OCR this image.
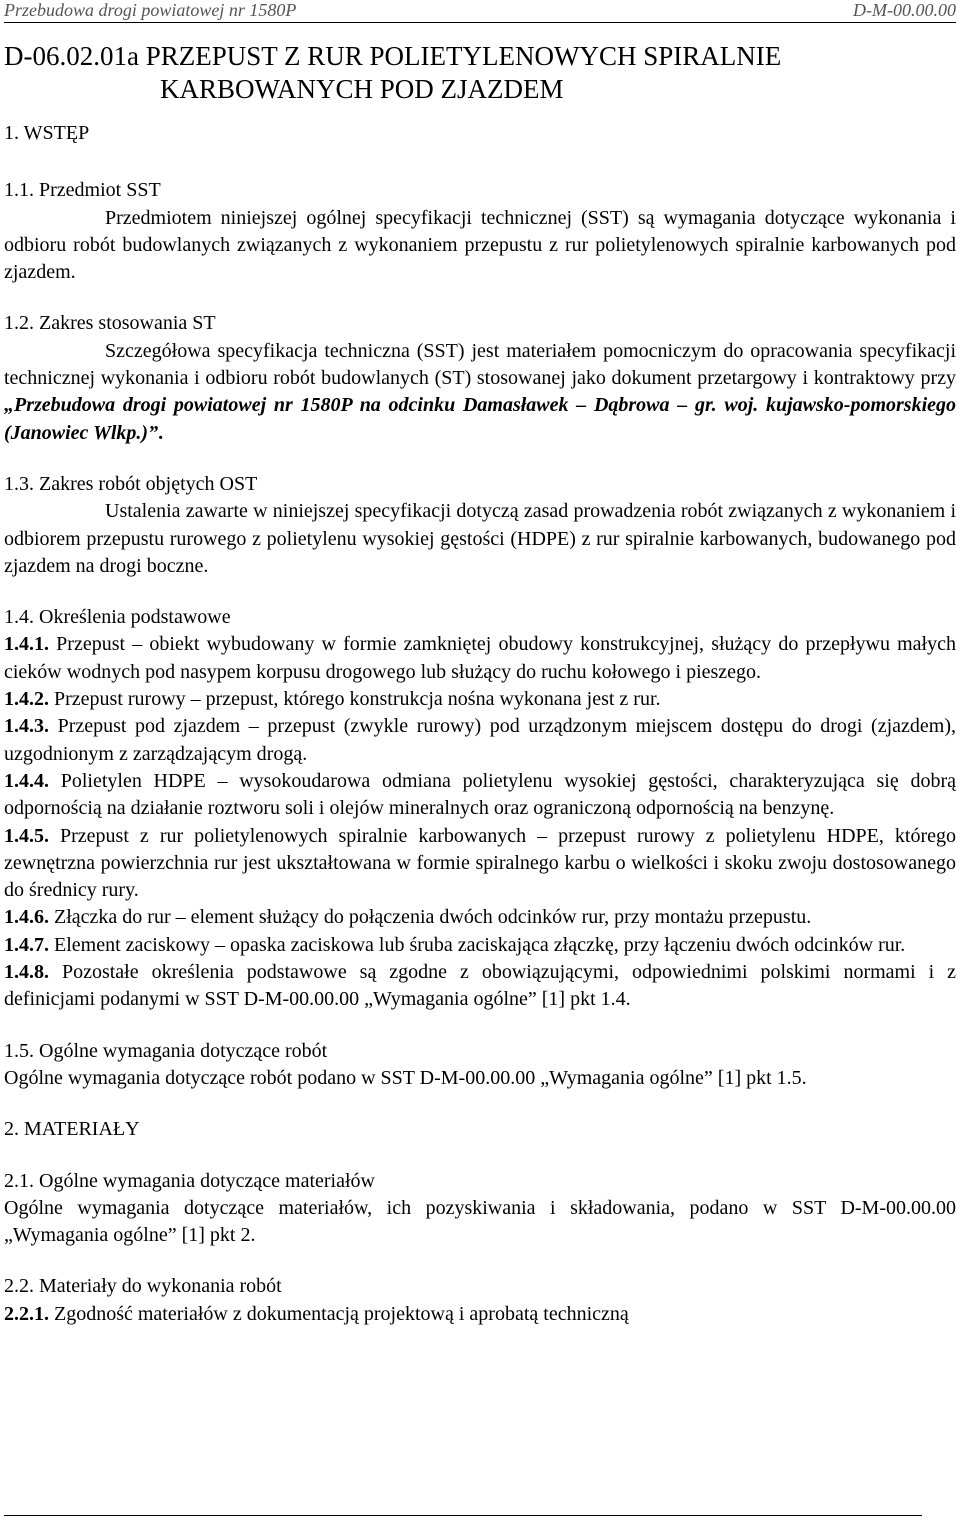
Przebudowa drogi powiatowej nr 1580P	D-M-00.00.00
D-06.02.01a PRZEPUST Z RUR POLIETYLENOWYCH SPIRALNIE
KARBOWANYCH POD ZJAZDEM
1. WSTĘP
1.1. Przedmiot SST

Przedmiotem niniejszej ogólnej specyfikacji technicznej (SST) są wymagania dotyczące wykonania i odbioru robót budowlanych związanych z wykonaniem przepustu z rur polietylenowych spiralnie karbowanych pod zjazdem.

1.2. Zakres stosowania ST

Szczegółowa specyfikacja techniczna (SST) jest materiałem pomocniczym do opracowania specyfikacji technicznej wykonania i odbioru robót budowlanych (ST) stosowanej jako dokument przetargowy i kontraktowy przy „Przebudowa drogi powiatowej nr 1580P na odcinku Damasławek – Dąbrowa – gr. woj. kujawsko-pomorskiego (Janowiec Wlkp.)”.

1.3. Zakres robót objętych OST

Ustalenia zawarte w niniejszej specyfikacji dotyczą zasad prowadzenia robót związanych z wykonaniem i odbiorem przepustu rurowego z polietylenu wysokiej gęstości (HDPE) z rur spiralnie karbowanych, budowanego pod zjazdem na drogi boczne.

1.4. Określenia podstawowe

1.4.1. Przepust – obiekt wybudowany w formie zamkniętej obudowy konstrukcyjnej, służący do przepływu małych cieków wodnych pod nasypem korpusu drogowego lub służący do ruchu kołowego i pieszego.

1.4.2. Przepust rurowy – przepust, którego konstrukcja nośna wykonana jest z rur.

1.4.3. Przepust pod zjazdem – przepust (zwykle rurowy) pod urządzonym miejscem dostępu do drogi (zjazdem), uzgodnionym z zarządzającym drogą.

1.4.4. Polietylen HDPE – wysokoudarowa odmiana polietylenu wysokiej gęstości, charakteryzująca się dobrą odpornością na działanie roztworu soli i olejów mineralnych oraz ograniczoną odpornością na benzynę.

1.4.5. Przepust z rur polietylenowych spiralnie karbowanych – przepust rurowy z polietylenu HDPE, którego zewnętrzna powierzchnia rur jest ukształtowana w formie spiralnego karbu o wielkości i skoku zwoju dostosowanego do średnicy rury.

1.4.6. Złączka do rur – element służący do połączenia dwóch odcinków rur, przy montażu przepustu.

1.4.7. Element zaciskowy – opaska zaciskowa lub śruba zaciskająca złączkę, przy łączeniu dwóch odcinków rur.

1.4.8. Pozostałe określenia podstawowe są zgodne z obowiązującymi, odpowiednimi polskimi normami i z definicjami podanymi w SST D-M-00.00.00 „Wymagania ogólne” [1] pkt 1.4.

1.5. Ogólne wymagania dotyczące robót

Ogólne wymagania dotyczące robót podano w SST D-M-00.00.00 „Wymagania ogólne” [1] pkt 1.5.

2. MATERIAŁY
2.1. Ogólne wymagania dotyczące materiałów

Ogólne wymagania dotyczące materiałów, ich pozyskiwania i składowania, podano w SST D-M-00.00.00 „Wymagania ogólne” [1] pkt 2.

2.2. Materiały do wykonania robót

2.2.1. Zgodność materiałów z dokumentacją projektową i aprobatą techniczną
